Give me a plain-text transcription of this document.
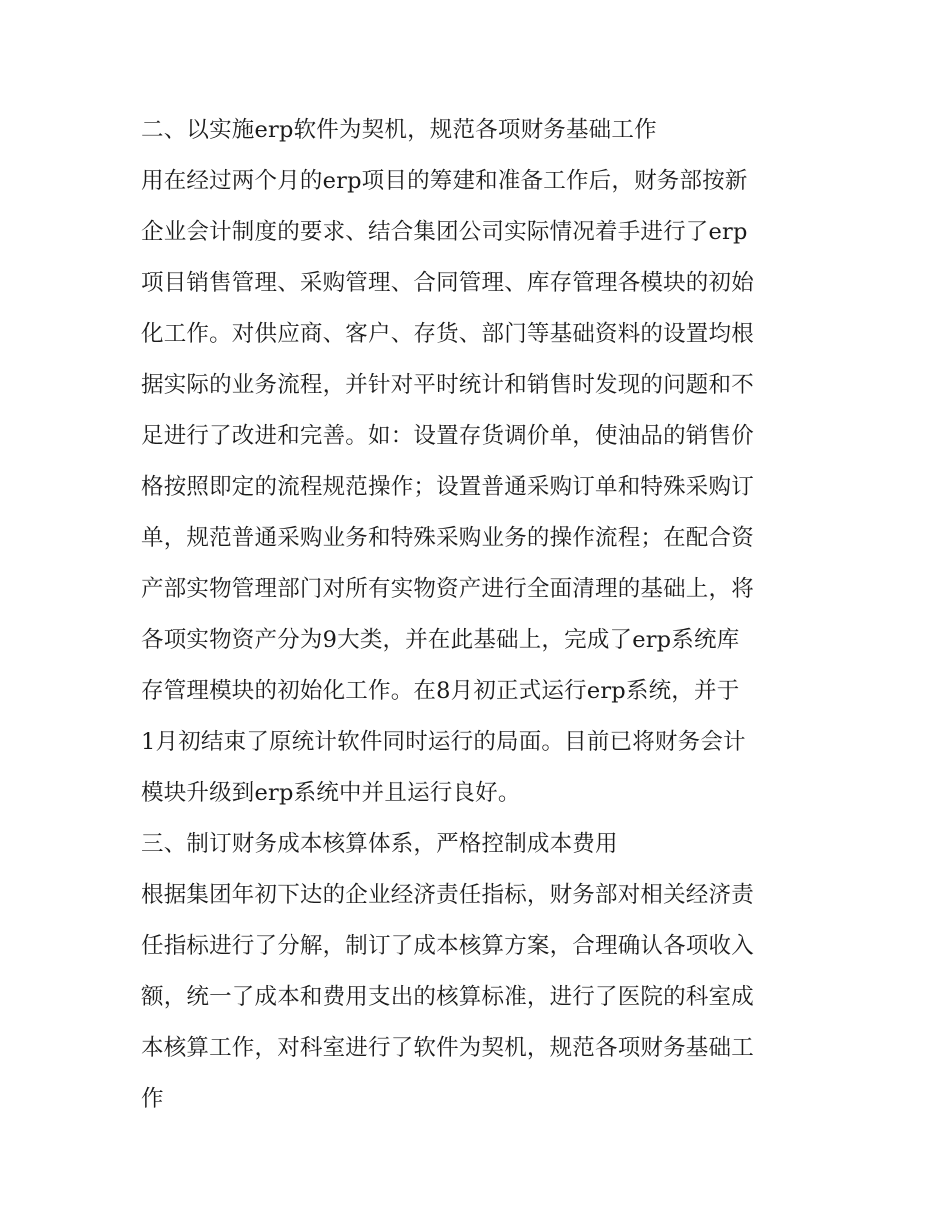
二、以实施erp软件为契机，规范各项财务基础工作
用在经过两个月的erp项目的筹建和准备工作后，财务部按新
企业会计制度的要求、结合集团公司实际情况着手进行了erp
项目销售管理、采购管理、合同管理、库存管理各模块的初始
化工作。对供应商、客户、存货、部门等基础资料的设置均根
据实际的业务流程，并针对平时统计和销售时发现的问题和不
足进行了改进和完善。如：设置存货调价单，使油品的销售价
格按照即定的流程规范操作；设置普通采购订单和特殊采购订
单，规范普通采购业务和特殊采购业务的操作流程；在配合资
产部实物管理部门对所有实物资产进行全面清理的基础上，将
各项实物资产分为9大类，并在此基础上，完成了erp系统库
存管理模块的初始化工作。在8月初正式运行erp系统，并于
1月初结束了原统计软件同时运行的局面。目前已将财务会计
模块升级到erp系统中并且运行良好。
三、制订财务成本核算体系，严格控制成本费用
根据集团年初下达的企业经济责任指标，财务部对相关经济责
任指标进行了分解，制订了成本核算方案，合理确认各项收入
额，统一了成本和费用支出的核算标准，进行了医院的科室成
本核算工作，对科室进行了软件为契机，规范各项财务基础工
作
